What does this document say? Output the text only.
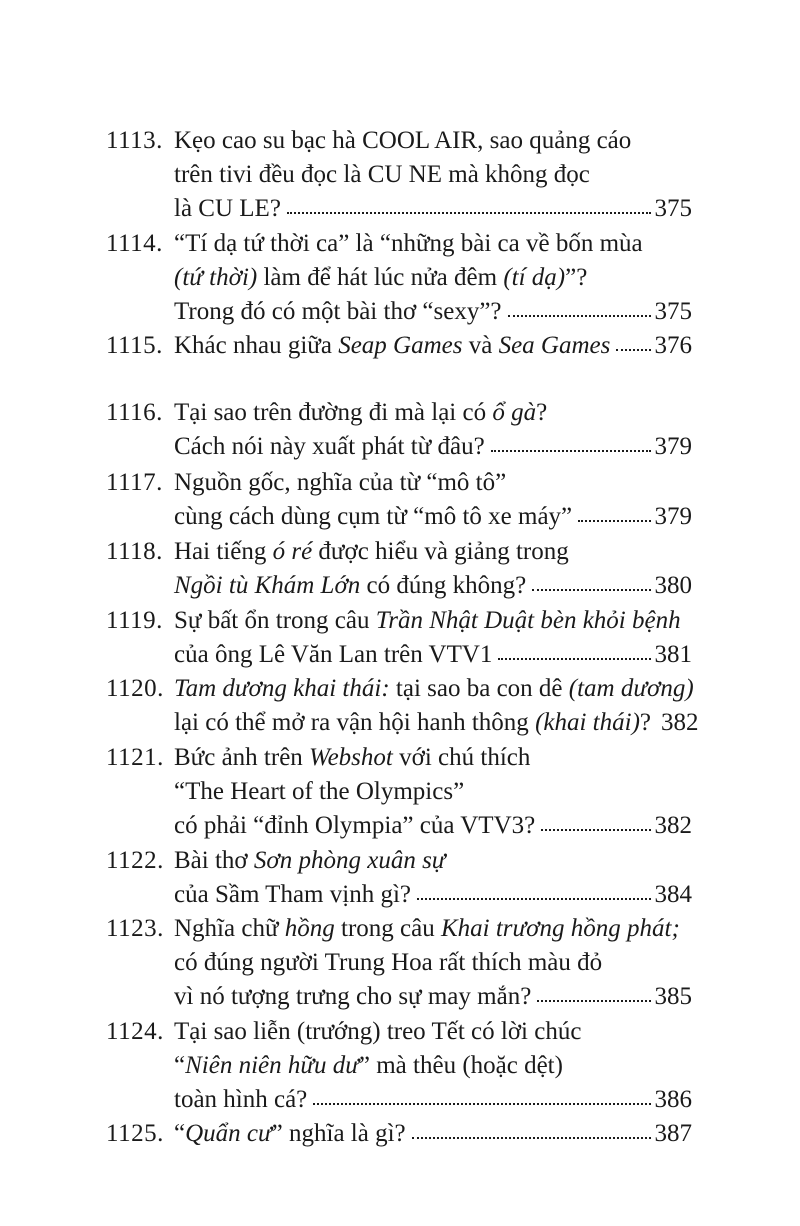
1113. Kẹo cao su bạc hà COOL AIR, sao quảng cáo
trên tivi đều đọc là CU NE mà không đọc
là CU LE?	375
1114. “Tí dạ tứ thời ca” là “những bài ca về bốn mùa
(tứ thời) làm để hát lúc nửa đêm (tí dạ)”?
Trong đó có một bài thơ “sexy”?	375
1115. Khác nhau giữa Seap Games và Sea Games 376
1116. Tại sao trên đường đi mà lại có ổ gà?
Cách nói này xuất phát từ đâu?	379
1117. Nguồn gốc, nghĩa của từ “mô tô”
cùng cách dùng cụm từ “mô tô xe máy”	379
1118. Hai tiếng ó ré được hiểu và giảng trong
Ngồi tù Khám Lớn có đúng không?	380
1119. Sự bất ổn trong câu Trần Nhật Duật bèn khỏi bệnh
của ông Lê Văn Lan trên VTV1	381
1120. Tam dương khai thái: tại sao ba con dê (tam dương)
lại có thể mở ra vận hội hanh thông (khai thái)? 382
1121. Bức ảnh trên Webshot với chú thích
“The Heart of the Olympics”
có phải “đỉnh Olympia” của VTV3?	382
1122. Bài thơ Sơn phòng xuân sự
của Sầm Tham vịnh gì?	384
1123. Nghĩa chữ hồng trong câu Khai trương hồng phát;
có đúng người Trung Hoa rất thích màu đỏ
vì nó tượng trưng cho sự may mắn?	385
1124. Tại sao liễn (trướng) treo Tết có lời chúc
“Niên niên hữu dư” mà thêu (hoặc dệt)
toàn hình cá?	386
1125. “Quẩn cư” nghĩa là gì?	387
